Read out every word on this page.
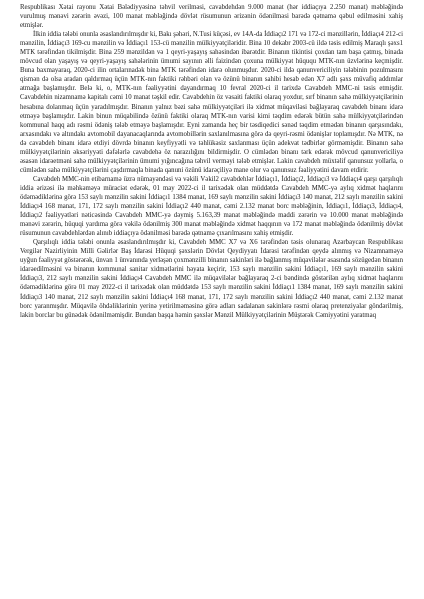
Respublikası Xətai rayonu Xətai Bələdiyyəsinə təhvil verilməsi, cavabdehdən 9.000 manat (hər iddiaçıya 2.250 manat) məbləğində vurulmuş mənəvi zərərin əvəzi, 100 manat məbləğində dövlət rüsumunun ərizənin ödənilməsi barədə qətnamə qəbul edilməsini xahiş etmişlər.

İlkin iddia tələbi onunla əsaslandırılmışdır ki, Bakı şəhəri, N.Tusi küçəsi, ev 14A-da İddiaçı2 171 və 172-ci mənzillərin, İddiaçı4 212-ci mənzilin, İddiaçı3 169-cu mənzilin və İddiaçı1 153-cü mənzilin mülkiyyətçiləridir. Bina 10 dekabr 2003-cü ildə təsis edilmiş Maraqlı şəxs1 MTK tərəfindən tikilmişdir. Bina 259 mənzildən və 1 qeyri-yaşayış sahəsindən ibarətdir. Binanın tikintisi çoxdan tam başa çatmış, binada mövcud olan yaşayış və qeyri-yaşayış sahələrinin ümumi sayının əlli faizindən çoxuna mülkiyyət hüququ MTK-nın üzvlərinə keçmişdir. Buna baxmayaraq, 2020-ci ilin ortalarınadək bina MTK tərəfindən idarə olunmuşdur. 2020-ci ildə qanunvericiliyin tələbinin pozulmasını qismən də olsa aradan qaldırmaq üçün MTK-nın faktiki rəhbəri olan və özünü binanın sahibi hesab edən X7 adlı şəxs müvafiq addımlar atmağa başlamışdır. Belə ki, o, MTK-nın fəaliyyətini dayandırmaq 10 fevral 2020-ci il tarixdə Cavabdeh MMC-ni təsis etmişdir. Cavabdehin nizamnamə kapitalı cəmi 10 manat təşkil edir. Cavabdehin öz vəsaiti faktiki olaraq yoxdur, sırf binanın sahə mülkiyyətçilərinin hesabına dolanmaq üçün yaradılmışdır. Binanın yalnız bəzi sahə mülkiyyətçiləri ilə xidmət müqaviləsi bağlayaraq cavabdeh binanı idarə etməyə başlamışdır. Lakin binun müqabilində özünü faktiki olaraq MTK-nın varisi kimi təqdim edərək bütün sahə mülkiyyətçilərindən kommunal haqq adı rəsmi ödəniş tələb etməyə başlamışdır. Eyni zamanda heç bir təsdiqedici sənəd təqdim etmədən binanın qarşısındakı, arxasındakı və altındakı avtomobil dayanacaqlarında avtomobillərin saxlanılmasına görə də qeyri-rəsmi ödənişlər toplamışdır. Nə MTK, nə də cavabdeh binanı idarə etdiyi dövrdə binanın keyfiyyətli və təhlükəsiz saxlanması üçün adekvat tədbirlər görməmişdir. Binanın sahə mülkiyyətçilərinin əksəriyyəti dəfələrlə cavabdehə öz narazılığını bildirmişdir. O cümlədən binanı tərk edərək mövcud qanunvericiliyə əsasən idarəetməni sahə mülkiyyətçilərinin ümumi yığıncağına təhvil verməyi tələb etmişlər. Lakin cavabdeh müxtəlif qanunsuz yollarla, o cümlədən sahə mülkiyyətçilərini çaşdırmaqla binada qanuni özünü idarəçiliyə mane olur və qanunsuz fəaliyyətini davam etdirir.

Cavabdeh MMC-nin etibarnamə üzrə nümayəndəsi və vəkili Vəkil2 cavabdehlər İddiaçı1, İddiaçı2, İddiaçı3 və İddiaçı4 qarşı qarşılıqlı iddia ərizəsi ilə məhkəməyə müraciət edərək, 01 may 2022-ci il tarixədək olan müddətdə Cavabdeh MMC-yə aylıq xidmət haqlarını ödəmədiklərinə görə 153 saylı mənzilin sakini İddiaçı1 1384 manat, 169 saylı mənzilin sakini İddiaçı3 140 manat, 212 saylı mənzilin sakini İddiaçı4 168 manat, 171, 172 saylı mənzilin sakini İddiaçı2 440 manat, cəmi 2.132 manat borc məbləğinin, İddiaçı1, İddiaçı3, İddiaçı4, İddiaçı2 fəaliyyətləri nəticəsində Cavabdeh MMC-yə dəymiş 5.163,39 manat məbləğində maddi zərərin və 10.000 manat məbləğində mənəvi zərərin, hüquqi yardıma görə vəkilə ödənilmiş 300 manat məbləğində xidmət haqqının və 172 manat məbləğində ödənilmiş dövlət rüsumunun cavabdehlərdən alınıb iddiaçıya ödənilməsi barədə qətnamə çıxarılmasını xahiş etmişdir.

Qarşılıqlı iddia tələbi onunla əsaslandırılmışdır ki, Cavabdeh MMC X7 və X6 tərəfindən təsis olunaraq Azərbaycan Respublikası Vergilər Nazirliyinin Milli Gəlirlər Baş İdarəsi Hüquqi şəxslərin Dövlət Qeydiyyatı İdarəsi tərəfindən qeydə alınmış və Nizamnaməyə uyğun fəaliyyət göstərərək, ünvan 1 ünvanında yerləşən çoxmənzilli binanın sakinləri ilə bağlanmış müqavilələr əsasında sözügedən binanın idarəedilməsini və binanın kommunal sanitar xidmətlərini həyata keçirir, 153 saylı mənzilin sakini İddiaçı1, 169 saylı mənzilin sakini İddiaçı3, 212 saylı mənzilin sakini İddiaçı4 Cavabdeh MMC ilə müqavilələr bağlayaraq 2-ci bəndində göstərilən aylıq xidmət haqlarını ödəmədiklərinə görə 01 may 2022-ci il tarixədək olan müddətdə 153 saylı mənzilin sakini İddiaçı1 1384 manat, 169 saylı mənzilin sakini İddiaçı3 140 manat, 212 saylı mənzilin sakini İddiaçı4 168 manat, 171, 172 saylı mənzilin sakini İddiaçı2 440 manat, cəmi 2.132 manat borc yaranmışdır. Müqavilə öhdəliklərinin yerinə yetirilməməsinə görə adları sadalanan sakinlərə rəsmi olaraq pretenziyalar göndərilmiş, lakin borclar bu günədək ödənilməmişdir. Bundan başqa həmin şəxslər Mənzil Mülkiyyətçilərinin Müştərək Cəmiyyətini yaratmaq
